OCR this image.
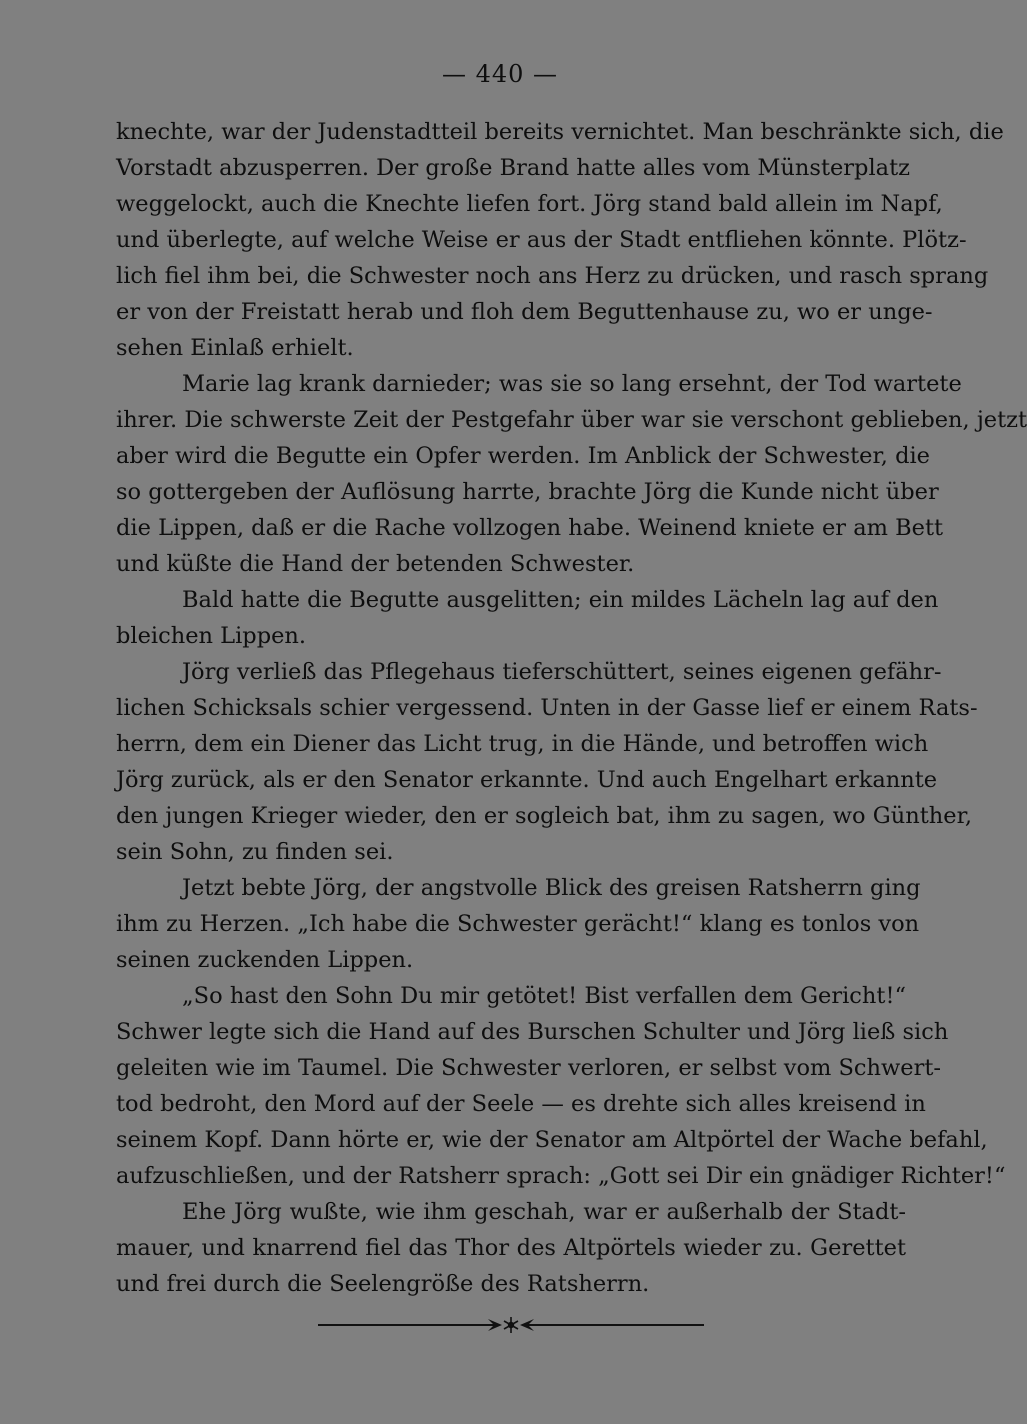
— 440 —
knechte, war der Judenstadtteil bereits vernichtet. Man beschränkte sich, die
Vorstadt abzusperren. Der große Brand hatte alles vom Münsterplatz
weggelockt, auch die Knechte liefen fort. Jörg stand bald allein im Napf,
und überlegte, auf welche Weise er aus der Stadt entfliehen könnte. Plötz-
lich fiel ihm bei, die Schwester noch ans Herz zu drücken, und rasch sprang
er von der Freistatt herab und floh dem Beguttenhause zu, wo er unge-
sehen Einlaß erhielt.
Marie lag krank darnieder; was sie so lang ersehnt, der Tod wartete
ihrer. Die schwerste Zeit der Pestgefahr über war sie verschont geblieben, jetzt
aber wird die Begutte ein Opfer werden. Im Anblick der Schwester, die
so gottergeben der Auflösung harrte, brachte Jörg die Kunde nicht über
die Lippen, daß er die Rache vollzogen habe. Weinend kniete er am Bett
und küßte die Hand der betenden Schwester.
Bald hatte die Begutte ausgelitten; ein mildes Lächeln lag auf den
bleichen Lippen.
Jörg verließ das Pflegehaus tieferschüttert, seines eigenen gefähr-
lichen Schicksals schier vergessend. Unten in der Gasse lief er einem Rats-
herrn, dem ein Diener das Licht trug, in die Hände, und betroffen wich
Jörg zurück, als er den Senator erkannte. Und auch Engelhart erkannte
den jungen Krieger wieder, den er sogleich bat, ihm zu sagen, wo Günther,
sein Sohn, zu finden sei.
Jetzt bebte Jörg, der angstvolle Blick des greisen Ratsherrn ging
ihm zu Herzen. „Ich habe die Schwester gerächt!“ klang es tonlos von
seinen zuckenden Lippen.
„So hast den Sohn Du mir getötet! Bist verfallen dem Gericht!“
Schwer legte sich die Hand auf des Burschen Schulter und Jörg ließ sich
geleiten wie im Taumel. Die Schwester verloren, er selbst vom Schwert-
tod bedroht, den Mord auf der Seele — es drehte sich alles kreisend in
seinem Kopf. Dann hörte er, wie der Senator am Altpörtel der Wache befahl,
aufzuschließen, und der Ratsherr sprach: „Gott sei Dir ein gnädiger Richter!“
Ehe Jörg wußte, wie ihm geschah, war er außerhalb der Stadt-
mauer, und knarrend fiel das Thor des Altpörtels wieder zu. Gerettet
und frei durch die Seelengröße des Ratsherrn.
